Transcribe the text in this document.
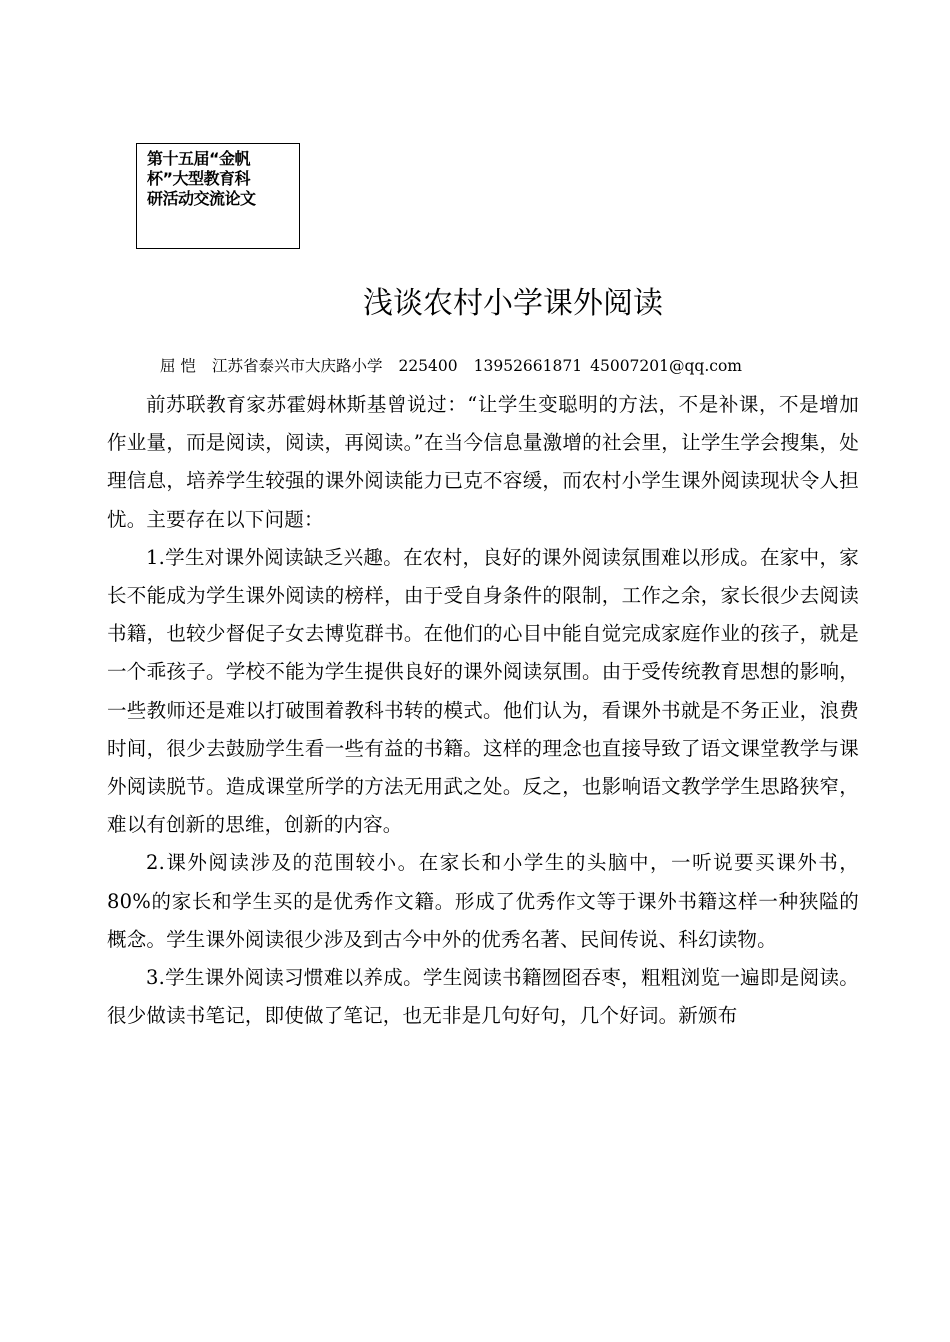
第十五届“金帆

杯”大型教育科

研活动交流论文

浅谈农村小学课外阅读
屈 恺 江苏省泰兴市大庆路小学 225400 13952661871 45007201@qq.com

前苏联教育家苏霍姆林斯基曾说过：“让学生变聪明的方法，不是补课，不是增加作业量，而是阅读，阅读，再阅读。”在当今信息量激增的社会里，让学生学会搜集，处理信息，培养学生较强的课外阅读能力已克不容缓，而农村小学生课外阅读现状令人担忧。主要存在以下问题：

1.学生对课外阅读缺乏兴趣。在农村，良好的课外阅读氛围难以形成。在家中，家长不能成为学生课外阅读的榜样，由于受自身条件的限制，工作之余，家长很少去阅读书籍，也较少督促子女去博览群书。在他们的心目中能自觉完成家庭作业的孩子，就是一个乖孩子。学校不能为学生提供良好的课外阅读氛围。由于受传统教育思想的影响，一些教师还是难以打破围着教科书转的模式。他们认为，看课外书就是不务正业，浪费时间，很少去鼓励学生看一些有益的书籍。这样的理念也直接导致了语文课堂教学与课外阅读脱节。造成课堂所学的方法无用武之处。反之，也影响语文教学学生思路狭窄，难以有创新的思维，创新的内容。

2.课外阅读涉及的范围较小。在家长和小学生的头脑中，一听说要买课外书，80%的家长和学生买的是优秀作文籍。形成了优秀作文等于课外书籍这样一种狭隘的概念。学生课外阅读很少涉及到古今中外的优秀名著、民间传说、科幻读物。

3.学生课外阅读习惯难以养成。学生阅读书籍囫囵吞枣，粗粗浏览一遍即是阅读。很少做读书笔记，即使做了笔记，也无非是几句好句，几个好词。新颁布
